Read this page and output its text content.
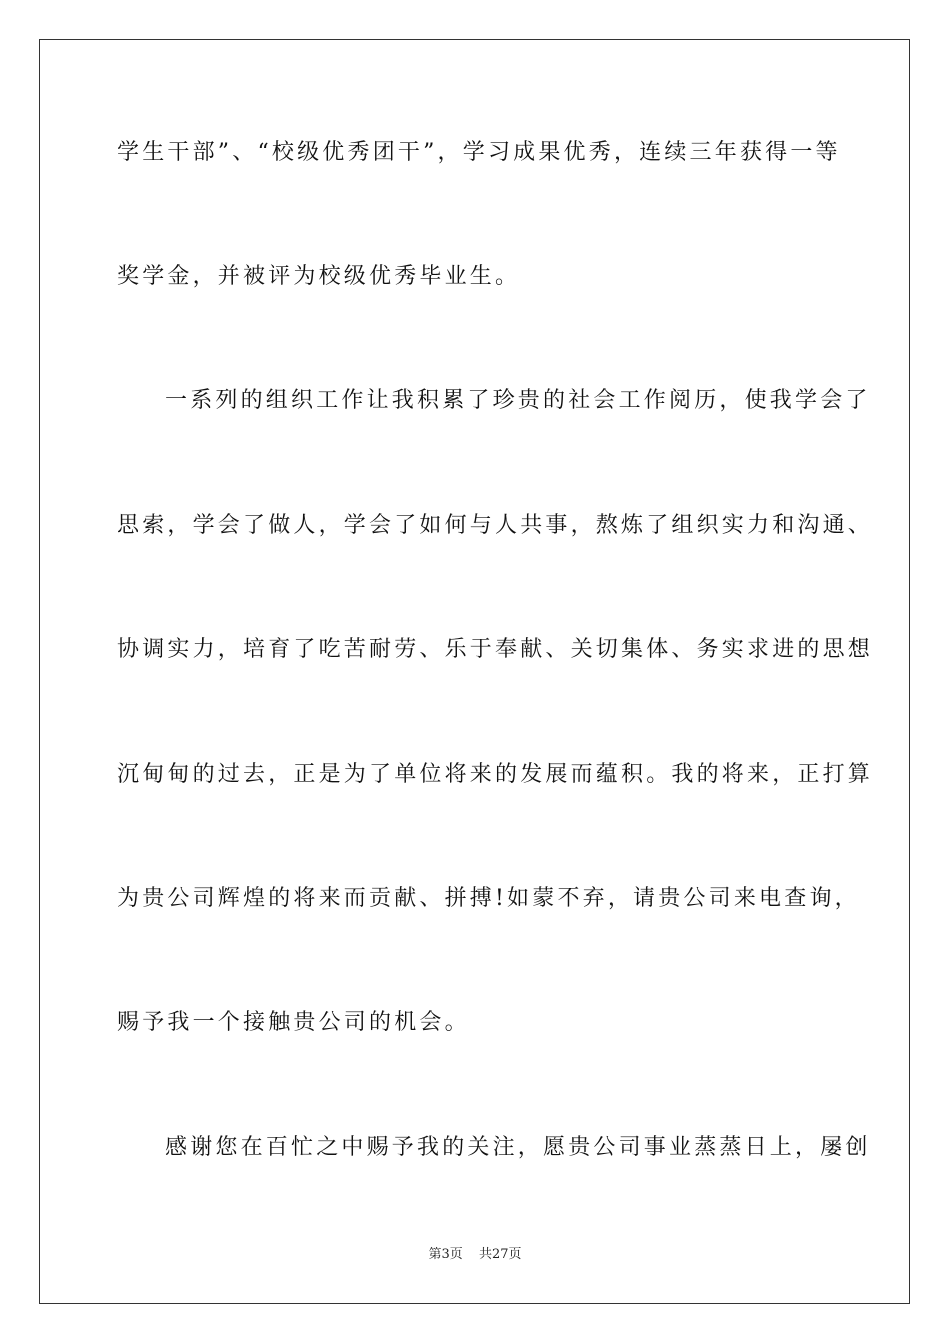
学生干部”、“校级优秀团干”，学习成果优秀，连续三年获得一等
奖学金，并被评为校级优秀毕业生。
一系列的组织工作让我积累了珍贵的社会工作阅历，使我学会了
思索，学会了做人，学会了如何与人共事，熬炼了组织实力和沟通、
协调实力，培育了吃苦耐劳、乐于奉献、关切集体、务实求进的思想
沉甸甸的过去，正是为了单位将来的发展而蕴积。我的将来，正打算
为贵公司辉煌的将来而贡献、拼搏!如蒙不弃，请贵公司来电查询，
赐予我一个接触贵公司的机会。
感谢您在百忙之中赐予我的关注，愿贵公司事业蒸蒸日上，屡创
第3页 共27页
